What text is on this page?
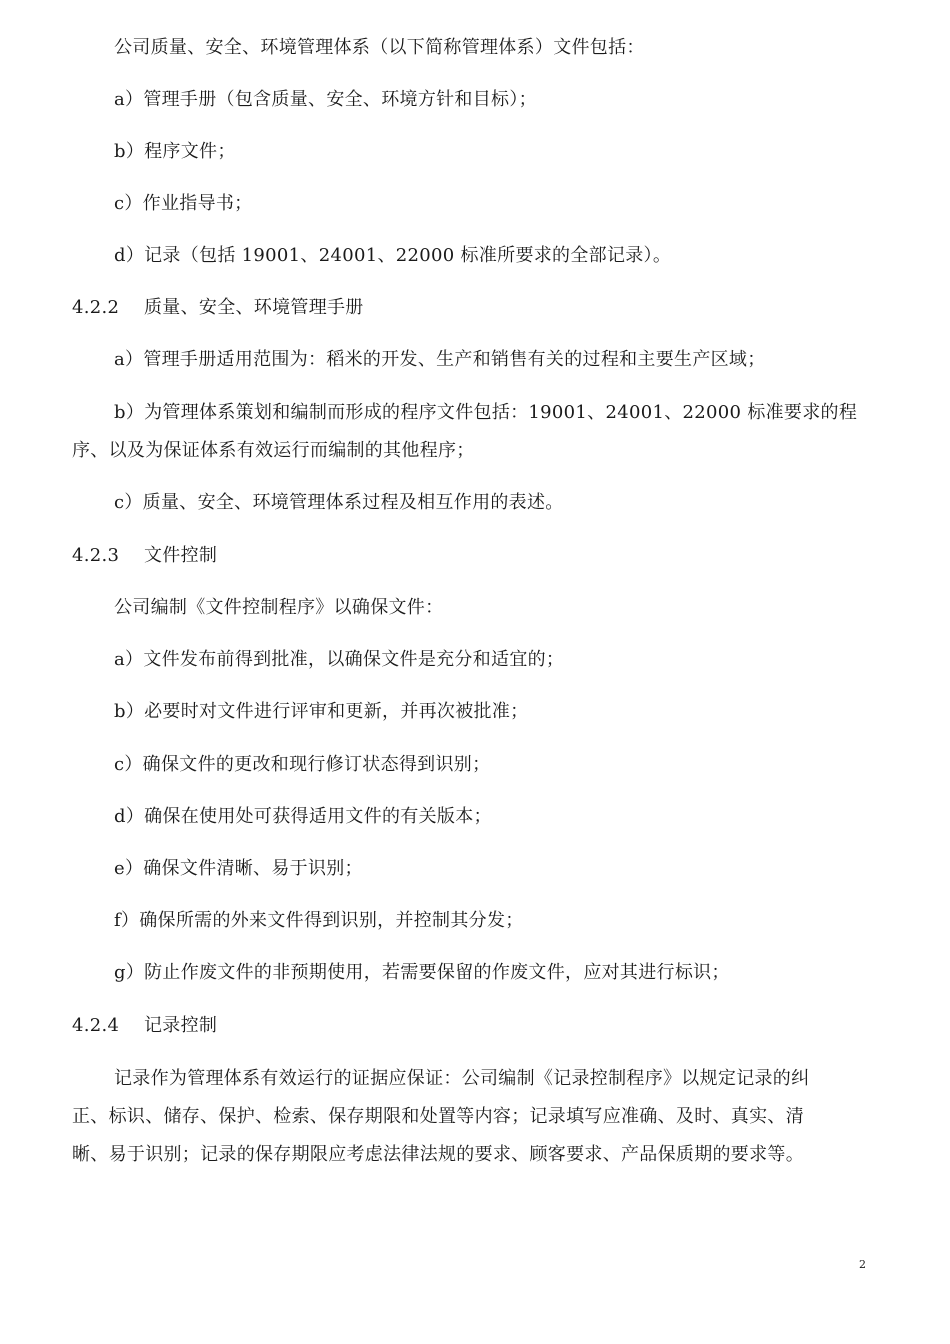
公司质量、安全、环境管理体系（以下简称管理体系）文件包括：
a）管理手册（包含质量、安全、环境方针和目标）；
b）程序文件；
c）作业指导书；
d）记录（包括 19001、24001、22000 标准所要求的全部记录）。
4.2.2 质量、安全、环境管理手册
a）管理手册适用范围为：稻米的开发、生产和销售有关的过程和主要生产区域；
b）为管理体系策划和编制而形成的程序文件包括：19001、24001、22000 标准要求的程
序、以及为保证体系有效运行而编制的其他程序；
c）质量、安全、环境管理体系过程及相互作用的表述。
4.2.3 文件控制
公司编制《文件控制程序》以确保文件：
a）文件发布前得到批准，以确保文件是充分和适宜的；
b）必要时对文件进行评审和更新，并再次被批准；
c）确保文件的更改和现行修订状态得到识别；
d）确保在使用处可获得适用文件的有关版本；
e）确保文件清晰、易于识别；
f）确保所需的外来文件得到识别，并控制其分发；
g）防止作废文件的非预期使用，若需要保留的作废文件，应对其进行标识；
4.2.4 记录控制
记录作为管理体系有效运行的证据应保证：公司编制《记录控制程序》以规定记录的纠
正、标识、储存、保护、检索、保存期限和处置等内容；记录填写应准确、及时、真实、清
晰、易于识别；记录的保存期限应考虑法律法规的要求、顾客要求、产品保质期的要求等。
2
